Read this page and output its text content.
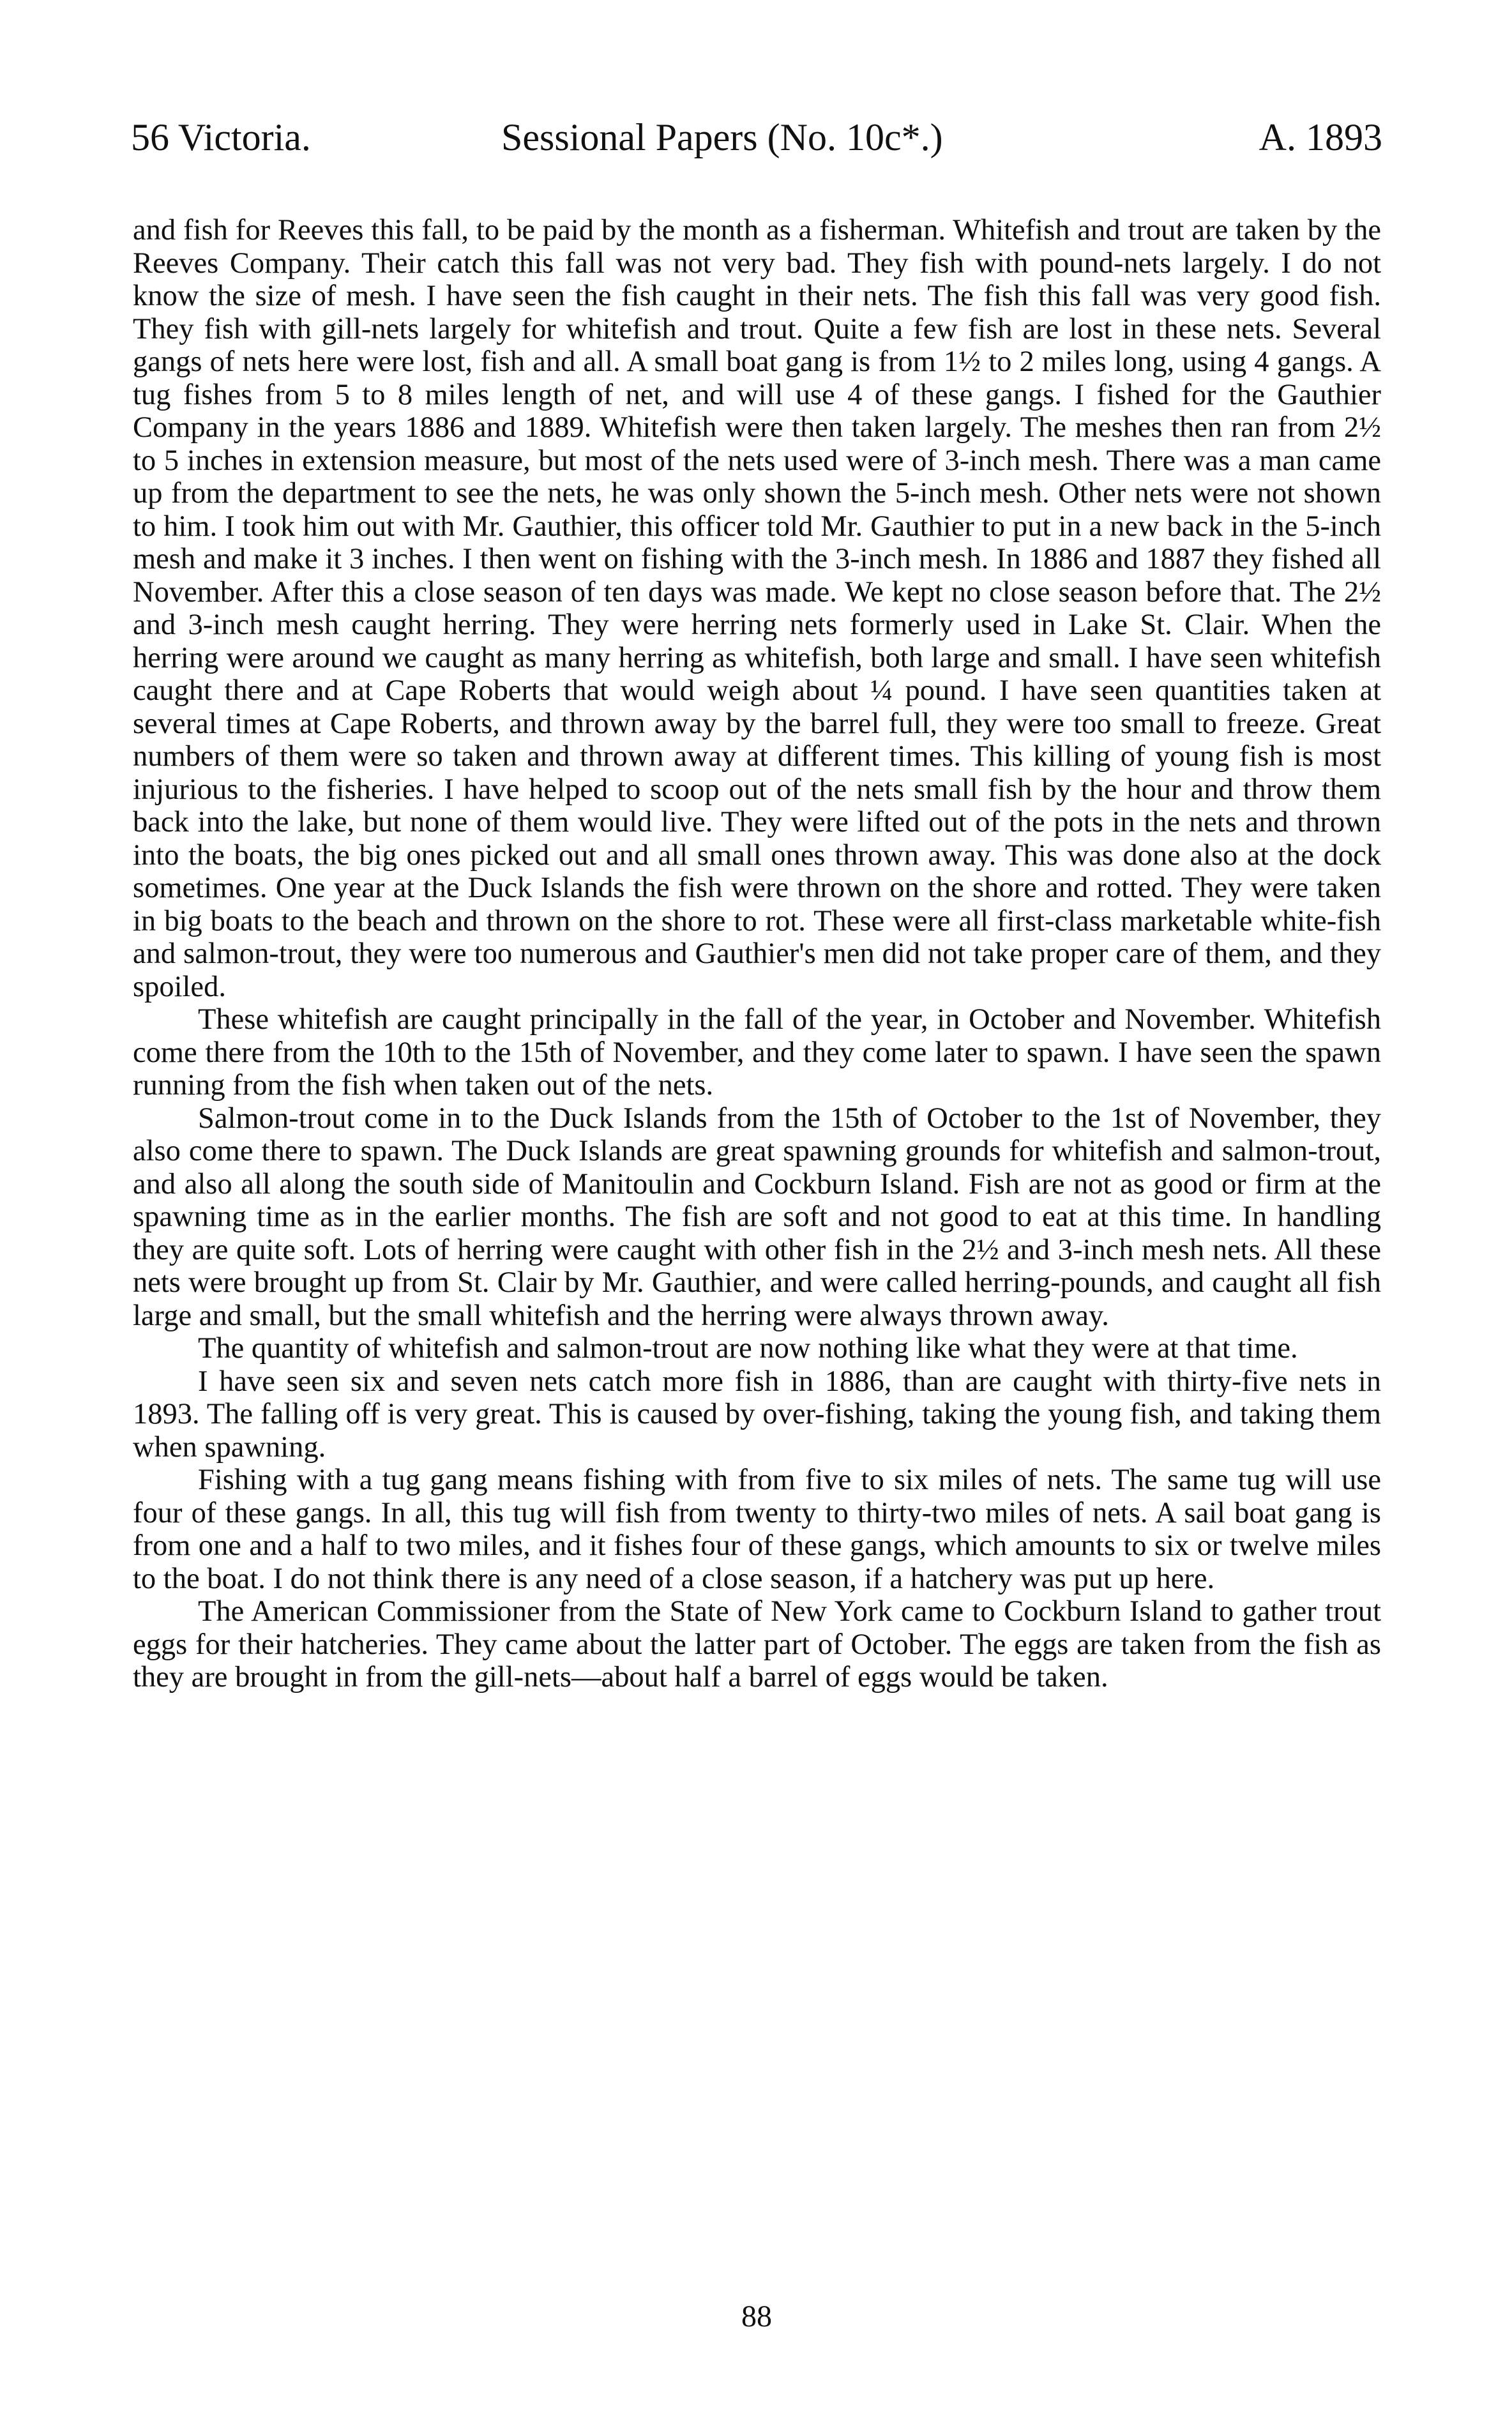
56 Victoria.	Sessional Papers (No. 10c*.)	A. 1893

and fish for Reeves this fall, to be paid by the month as a fisherman. Whitefish and trout are taken by the Reeves Company. Their catch this fall was not very bad. They fish with pound-nets largely. I do not know the size of mesh. I have seen the fish caught in their nets. The fish this fall was very good fish. They fish with gill-nets largely for whitefish and trout. Quite a few fish are lost in these nets. Several gangs of nets here were lost, fish and all. A small boat gang is from 1½ to 2 miles long, using 4 gangs. A tug fishes from 5 to 8 miles length of net, and will use 4 of these gangs. I fished for the Gauthier Company in the years 1886 and 1889. Whitefish were then taken largely. The meshes then ran from 2½ to 5 inches in extension measure, but most of the nets used were of 3-inch mesh. There was a man came up from the department to see the nets, he was only shown the 5-inch mesh. Other nets were not shown to him. I took him out with Mr. Gauthier, this officer told Mr. Gauthier to put in a new back in the 5-inch mesh and make it 3 inches. I then went on fishing with the 3-inch mesh. In 1886 and 1887 they fished all November. After this a close season of ten days was made. We kept no close season before that. The 2½ and 3-inch mesh caught herring. They were herring nets formerly used in Lake St. Clair. When the herring were around we caught as many herring as whitefish, both large and small. I have seen whitefish caught there and at Cape Roberts that would weigh about ¼ pound. I have seen quantities taken at several times at Cape Roberts, and thrown away by the barrel full, they were too small to freeze. Great numbers of them were so taken and thrown away at different times. This killing of young fish is most injurious to the fisheries. I have helped to scoop out of the nets small fish by the hour and throw them back into the lake, but none of them would live. They were lifted out of the pots in the nets and thrown into the boats, the big ones picked out and all small ones thrown away. This was done also at the dock sometimes. One year at the Duck Islands the fish were thrown on the shore and rotted. They were taken in big boats to the beach and thrown on the shore to rot. These were all first-class marketable white-fish and salmon-trout, they were too numerous and Gauthier's men did not take proper care of them, and they spoiled.

These whitefish are caught principally in the fall of the year, in October and November. Whitefish come there from the 10th to the 15th of November, and they come later to spawn. I have seen the spawn running from the fish when taken out of the nets.

Salmon-trout come in to the Duck Islands from the 15th of October to the 1st of November, they also come there to spawn. The Duck Islands are great spawning grounds for whitefish and salmon-trout, and also all along the south side of Manitoulin and Cockburn Island. Fish are not as good or firm at the spawning time as in the earlier months. The fish are soft and not good to eat at this time. In handling they are quite soft. Lots of herring were caught with other fish in the 2½ and 3-inch mesh nets. All these nets were brought up from St. Clair by Mr. Gauthier, and were called herring-pounds, and caught all fish large and small, but the small whitefish and the herring were always thrown away.

The quantity of whitefish and salmon-trout are now nothing like what they were at that time.

I have seen six and seven nets catch more fish in 1886, than are caught with thirty-five nets in 1893. The falling off is very great. This is caused by over-fishing, taking the young fish, and taking them when spawning.

Fishing with a tug gang means fishing with from five to six miles of nets. The same tug will use four of these gangs. In all, this tug will fish from twenty to thirty-two miles of nets. A sail boat gang is from one and a half to two miles, and it fishes four of these gangs, which amounts to six or twelve miles to the boat. I do not think there is any need of a close season, if a hatchery was put up here.

The American Commissioner from the State of New York came to Cockburn Island to gather trout eggs for their hatcheries. They came about the latter part of October. The eggs are taken from the fish as they are brought in from the gill-nets—about half a barrel of eggs would be taken.

88
